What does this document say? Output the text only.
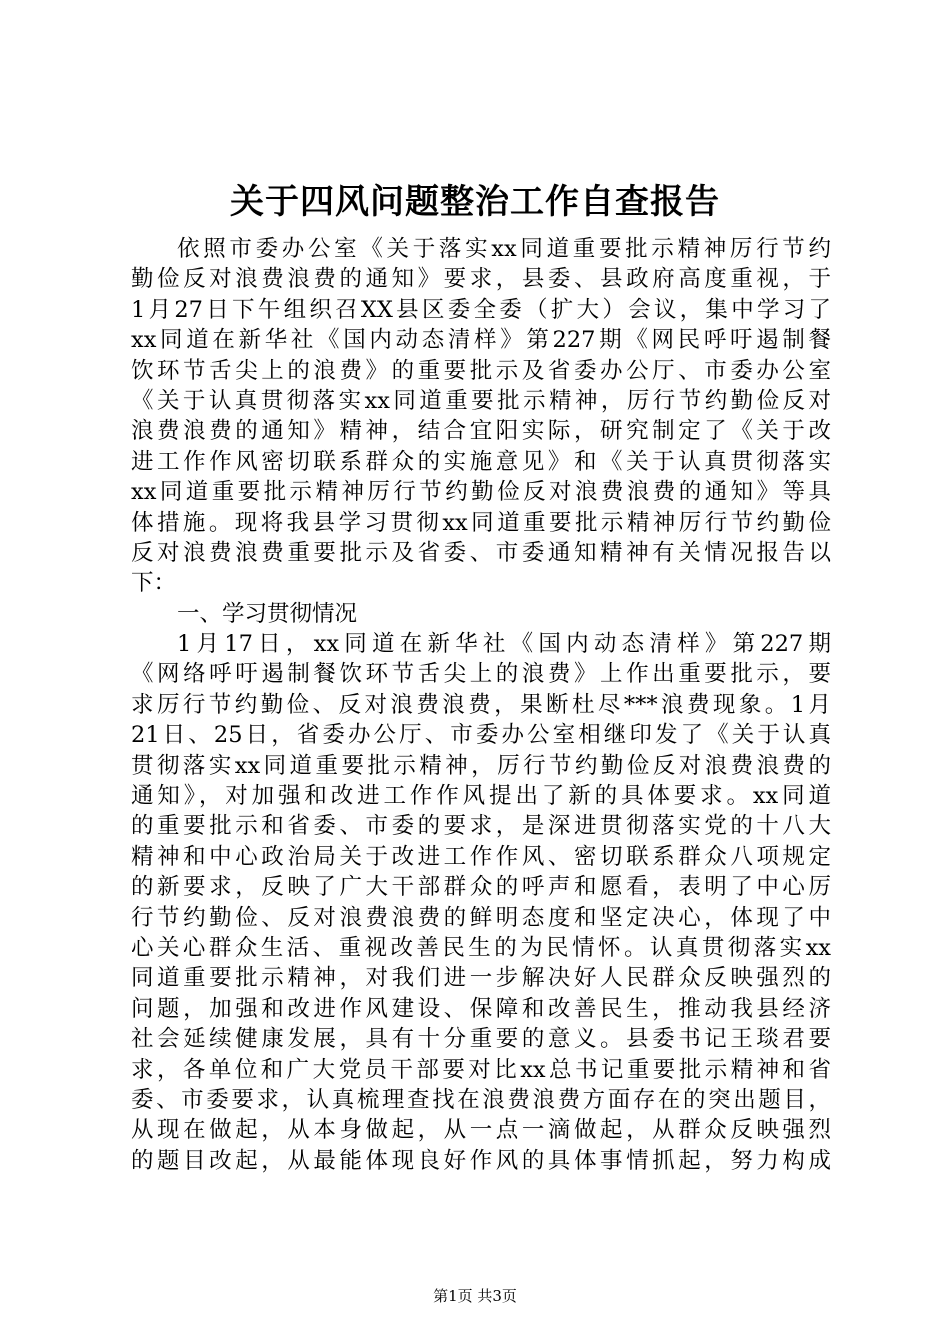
关于四风问题整治工作自查报告
依照市委办公室《关于落实xx同道重要批示精神厉行节约
勤俭反对浪费浪费的通知》要求，县委、县政府高度重视，于
1月27日下午组织召XX县区委全委（扩大）会议，集中学习了
xx同道在新华社《国内动态清样》第227期《网民呼吁遏制餐
饮环节舌尖上的浪费》的重要批示及省委办公厅、市委办公室
《关于认真贯彻落实xx同道重要批示精神，厉行节约勤俭反对
浪费浪费的通知》精神，结合宜阳实际，研究制定了《关于改
进工作作风密切联系群众的实施意见》和《关于认真贯彻落实
xx同道重要批示精神厉行节约勤俭反对浪费浪费的通知》等具
体措施。现将我县学习贯彻xx同道重要批示精神厉行节约勤俭
反对浪费浪费重要批示及省委、市委通知精神有关情况报告以
下：
一、学习贯彻情况
1月17日，xx同道在新华社《国内动态清样》第227期
《网络呼吁遏制餐饮环节舌尖上的浪费》上作出重要批示，要
求厉行节约勤俭、反对浪费浪费，果断杜尽***浪费现象。1月
21日、25日，省委办公厅、市委办公室相继印发了《关于认真
贯彻落实xx同道重要批示精神，厉行节约勤俭反对浪费浪费的
通知》，对加强和改进工作作风提出了新的具体要求。xx同道
的重要批示和省委、市委的要求，是深进贯彻落实党的十八大
精神和中心政治局关于改进工作作风、密切联系群众八项规定
的新要求，反映了广大干部群众的呼声和愿看，表明了中心厉
行节约勤俭、反对浪费浪费的鲜明态度和坚定决心，体现了中
心关心群众生活、重视改善民生的为民情怀。认真贯彻落实xx
同道重要批示精神，对我们进一步解决好人民群众反映强烈的
问题，加强和改进作风建设、保障和改善民生，推动我县经济
社会延续健康发展，具有十分重要的意义。县委书记王琰君要
求，各单位和广大党员干部要对比xx总书记重要批示精神和省
委、市委要求，认真梳理查找在浪费浪费方面存在的突出题目，
从现在做起，从本身做起，从一点一滴做起，从群众反映强烈
的题目改起，从最能体现良好作风的具体事情抓起，努力构成
第1页 共3页
